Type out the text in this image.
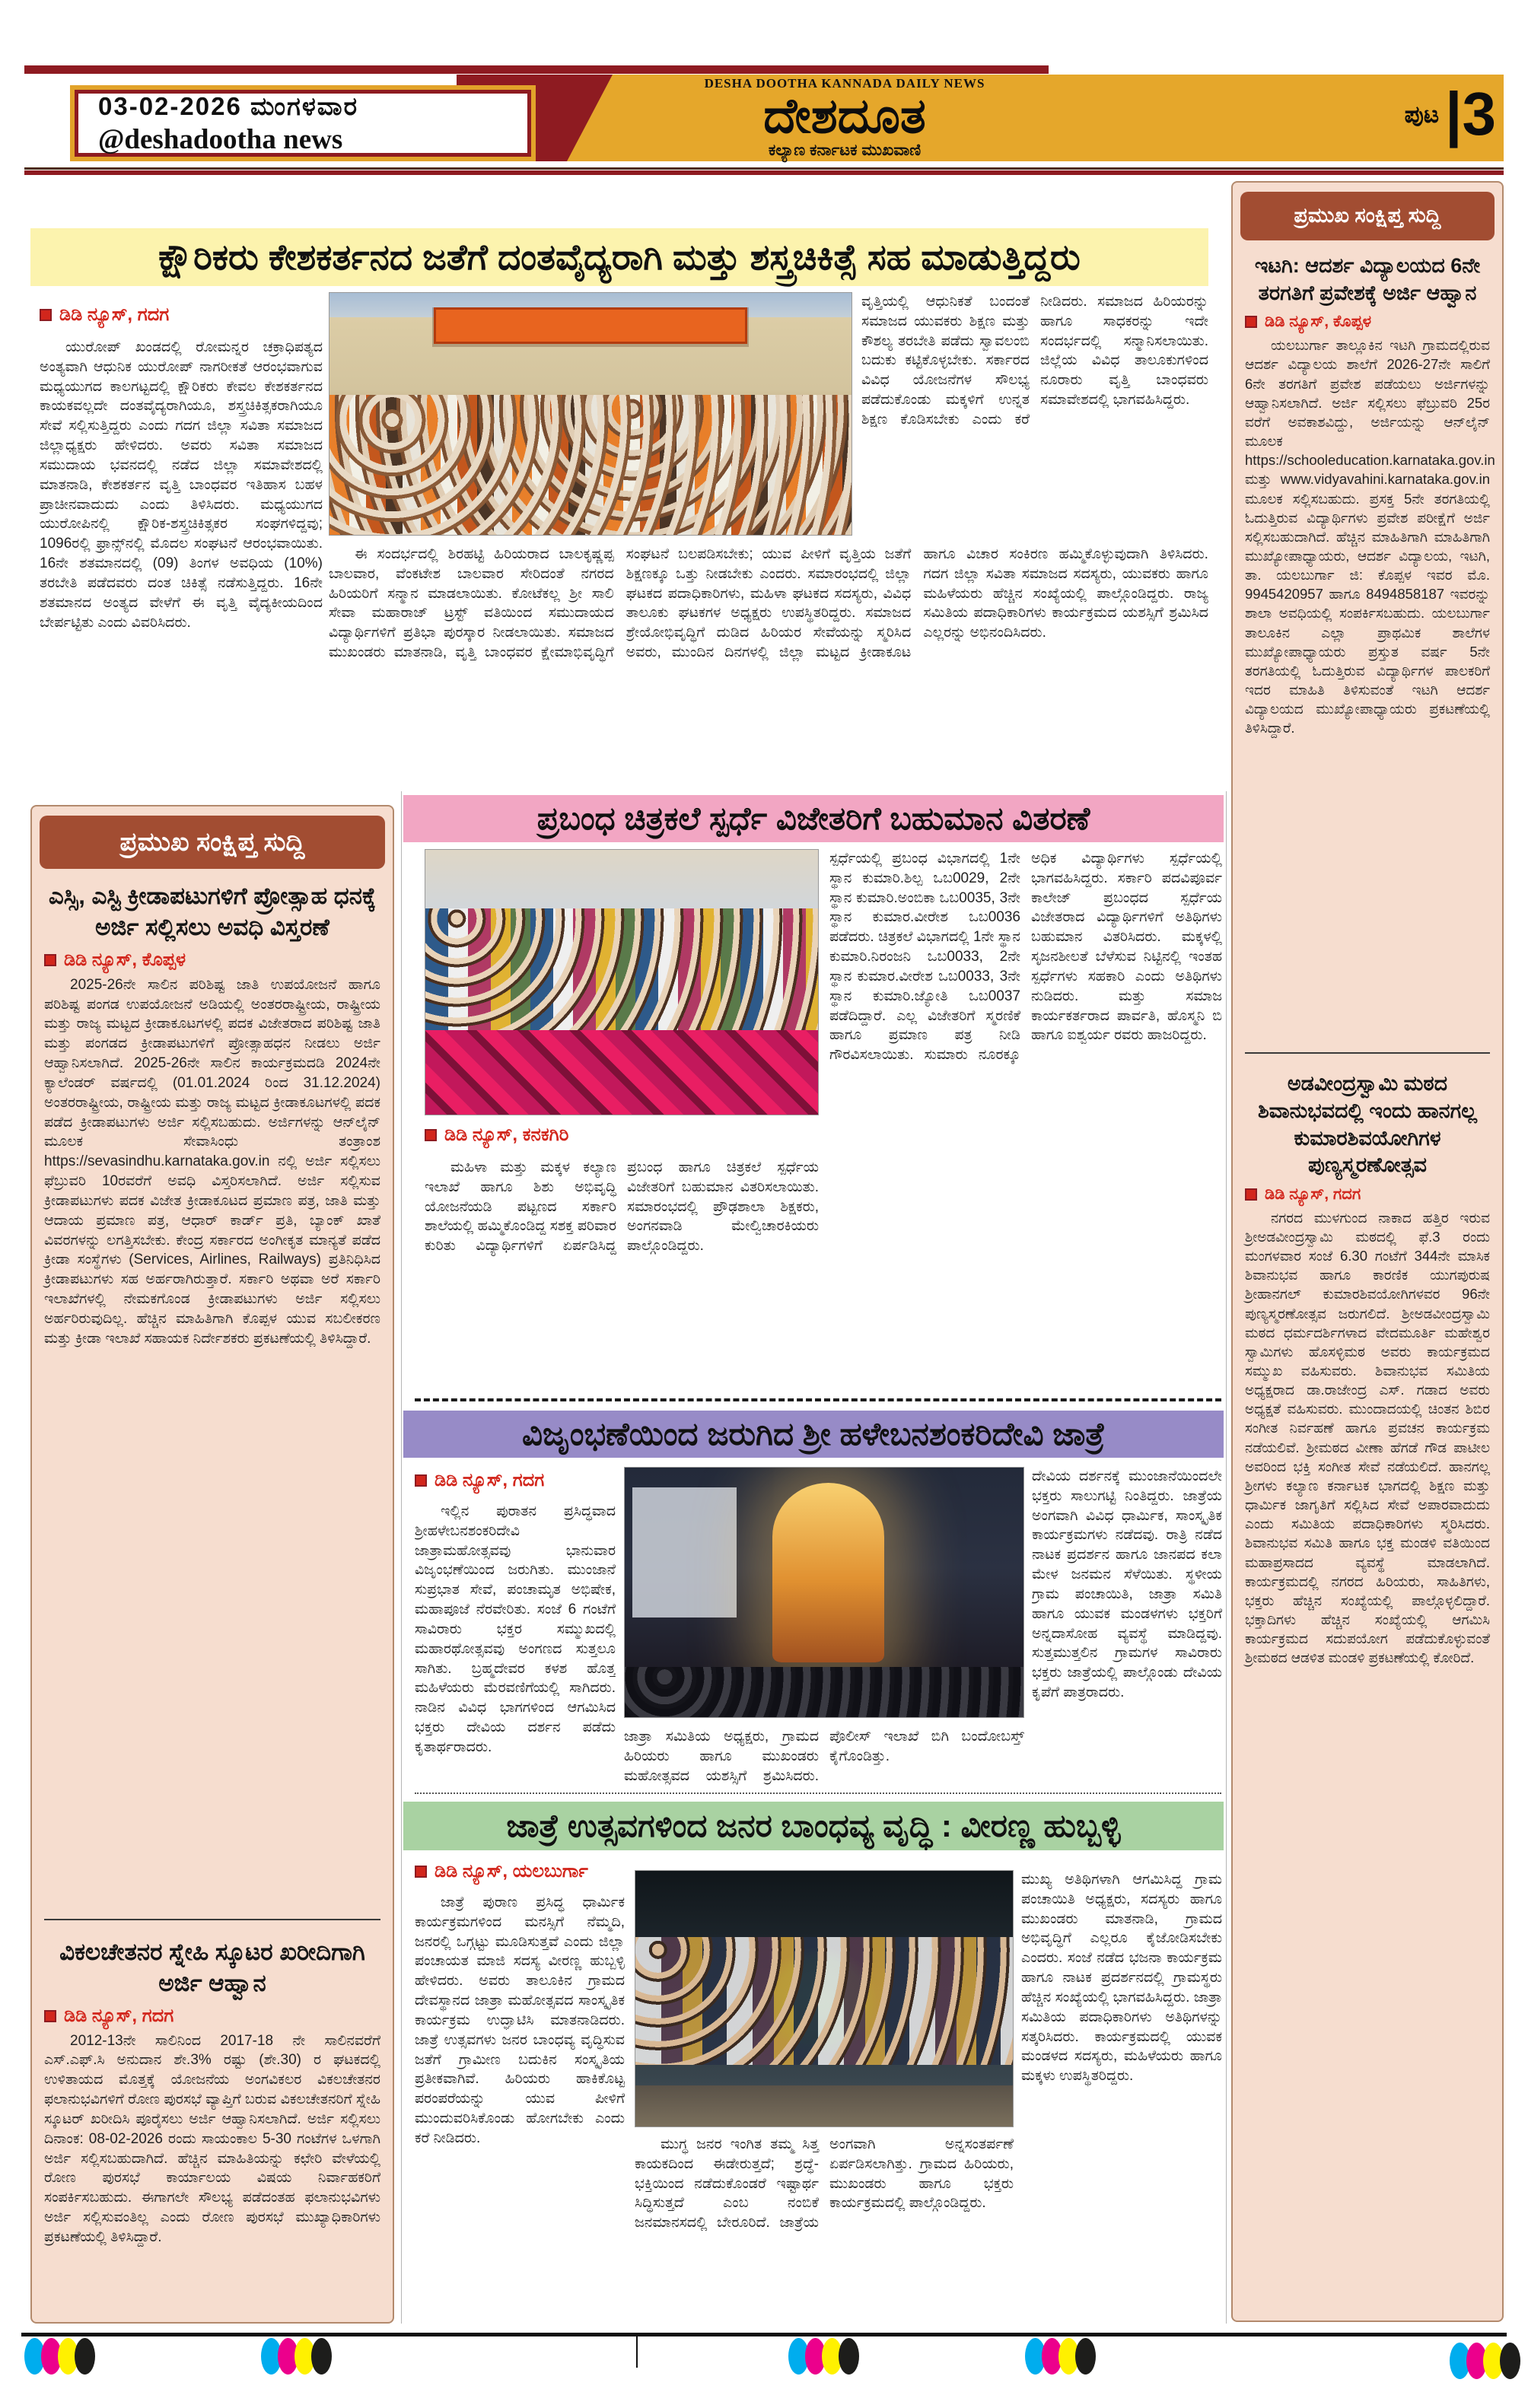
03-02-2026 ಮಂಗಳವಾರ
@deshadootha news
DESHA DOOTHA KANNADA DAILY NEWS
ದೇಶದೂತ
ಕಲ್ಯಾಣ ಕರ್ನಾಟಕ ಮುಖವಾಣಿ
ಪುಟ |3
ಕ್ಷೌರಿಕರು ಕೇಶಕರ್ತನದ ಜತೆಗೆ ದಂತವೈದ್ಯರಾಗಿ ಮತ್ತು ಶಸ್ತ್ರಚಿಕಿತ್ಸೆ ಸಹ ಮಾಡುತ್ತಿದ್ದರು
ಡಿಡಿ ನ್ಯೂಸ್, ಗದಗ
ಯುರೋಪ್ ಖಂಡದಲ್ಲಿ ರೋಮನ್ನರ ಚಕ್ರಾಧಿಪತ್ಯದ ಅಂತ್ಯವಾಗಿ ಆಧುನಿಕ ಯುರೋಪ್ ನಾಗರೀಕತೆ ಆರಂಭವಾಗುವ ಮಧ್ಯಯುಗದ ಕಾಲಗಟ್ಟದಲ್ಲಿ ಕ್ಷೌರಿಕರು ಕೇವಲ ಕೇಶಕರ್ತನದ ಕಾಯಕವಲ್ಲದೇ ದಂತವೈದ್ಯರಾಗಿಯೂ, ಶಸ್ತ್ರಚಿಕಿತ್ಸಕರಾಗಿಯೂ ಸೇವೆ ಸಲ್ಲಿಸುತ್ತಿದ್ದರು ಎಂದು ಗದಗ ಜಿಲ್ಲಾ ಸವಿತಾ ಸಮಾಜದ ಜಿಲ್ಲಾಧ್ಯಕ್ಷರು ಹೇಳಿದರು. ಅವರು ಸವಿತಾ ಸಮಾಜದ ಸಮುದಾಯ ಭವನದಲ್ಲಿ ನಡೆದ ಜಿಲ್ಲಾ ಸಮಾವೇಶದಲ್ಲಿ ಮಾತನಾಡಿ, ಕೇಶಕರ್ತನ ವೃತ್ತಿ ಬಾಂಧವರ ಇತಿಹಾಸ ಬಹಳ ಪ್ರಾಚೀನವಾದುದು ಎಂದು ತಿಳಿಸಿದರು. ಮಧ್ಯಯುಗದ ಯುರೋಪಿನಲ್ಲಿ ಕ್ಷೌರಿಕ-ಶಸ್ತ್ರಚಿಕಿತ್ಸಕರ ಸಂಘಗಳಿದ್ದವು; 1096ರಲ್ಲಿ ಫ್ರಾನ್ಸ್‌ನಲ್ಲಿ ಮೊದಲ ಸಂಘಟನೆ ಆರಂಭವಾಯಿತು. 16ನೇ ಶತಮಾನದಲ್ಲಿ (09) ತಿಂಗಳ ಅವಧಿಯ (10%) ತರಬೇತಿ ಪಡೆದವರು ದಂತ ಚಿಕಿತ್ಸೆ ನಡೆಸುತ್ತಿದ್ದರು. 16ನೇ ಶತಮಾನದ ಅಂತ್ಯದ ವೇಳೆಗೆ ಈ ವೃತ್ತಿ ವೈದ್ಯಕೀಯದಿಂದ ಬೇರ್ಪಟ್ಟಿತು ಎಂದು ವಿವರಿಸಿದರು.
ವೃತ್ತಿಯಲ್ಲಿ ಆಧುನಿಕತೆ ಬಂದಂತೆ ಸಮಾಜದ ಯುವಕರು ಶಿಕ್ಷಣ ಮತ್ತು ಕೌಶಲ್ಯ ತರಬೇತಿ ಪಡೆದು ಸ್ವಾವಲಂಬಿ ಬದುಕು ಕಟ್ಟಿಕೊಳ್ಳಬೇಕು. ಸರ್ಕಾರದ ವಿವಿಧ ಯೋಜನೆಗಳ ಸೌಲಭ್ಯ ಪಡೆದುಕೊಂಡು ಮಕ್ಕಳಿಗೆ ಉನ್ನತ ಶಿಕ್ಷಣ ಕೊಡಿಸಬೇಕು ಎಂದು ಕರೆ ನೀಡಿದರು. ಸಮಾಜದ ಹಿರಿಯರನ್ನು ಹಾಗೂ ಸಾಧಕರನ್ನು ಇದೇ ಸಂದರ್ಭದಲ್ಲಿ ಸನ್ಮಾನಿಸಲಾಯಿತು. ಜಿಲ್ಲೆಯ ವಿವಿಧ ತಾಲೂಕುಗಳಿಂದ ನೂರಾರು ವೃತ್ತಿ ಬಾಂಧವರು ಸಮಾವೇಶದಲ್ಲಿ ಭಾಗವಹಿಸಿದ್ದರು.
ಈ ಸಂದರ್ಭದಲ್ಲಿ ಶಿರಹಟ್ಟಿ ಹಿರಿಯರಾದ ಬಾಲಕೃಷ್ಣಪ್ಪ ಬಾಲವಾರ, ವೆಂಕಟೇಶ ಬಾಲವಾರ ಸೇರಿದಂತೆ ನಗರದ ಹಿರಿಯರಿಗೆ ಸನ್ಮಾನ ಮಾಡಲಾಯಿತು. ಕೋಟೆಕಲ್ಲ ಶ್ರೀ ಸಾಲಿ ಸೇವಾ ಮಹಾರಾಜ್ ಟ್ರಸ್ಟ್ ವತಿಯಿಂದ ಸಮುದಾಯದ ವಿದ್ಯಾರ್ಥಿಗಳಿಗೆ ಪ್ರತಿಭಾ ಪುರಸ್ಕಾರ ನೀಡಲಾಯಿತು. ಸಮಾಜದ ಮುಖಂಡರು ಮಾತನಾಡಿ, ವೃತ್ತಿ ಬಾಂಧವರ ಕ್ಷೇಮಾಭಿವೃದ್ಧಿಗೆ ಸಂಘಟನೆ ಬಲಪಡಿಸಬೇಕು; ಯುವ ಪೀಳಿಗೆ ವೃತ್ತಿಯ ಜತೆಗೆ ಶಿಕ್ಷಣಕ್ಕೂ ಒತ್ತು ನೀಡಬೇಕು ಎಂದರು. ಸಮಾರಂಭದಲ್ಲಿ ಜಿಲ್ಲಾ ಘಟಕದ ಪದಾಧಿಕಾರಿಗಳು, ಮಹಿಳಾ ಘಟಕದ ಸದಸ್ಯರು, ವಿವಿಧ ತಾಲೂಕು ಘಟಕಗಳ ಅಧ್ಯಕ್ಷರು ಉಪಸ್ಥಿತರಿದ್ದರು. ಸಮಾಜದ ಶ್ರೇಯೋಭಿವೃದ್ಧಿಗೆ ದುಡಿದ ಹಿರಿಯರ ಸೇವೆಯನ್ನು ಸ್ಮರಿಸಿದ ಅವರು, ಮುಂದಿನ ದಿನಗಳಲ್ಲಿ ಜಿಲ್ಲಾ ಮಟ್ಟದ ಕ್ರೀಡಾಕೂಟ ಹಾಗೂ ವಿಚಾರ ಸಂಕಿರಣ ಹಮ್ಮಿಕೊಳ್ಳುವುದಾಗಿ ತಿಳಿಸಿದರು. ಗದಗ ಜಿಲ್ಲಾ ಸವಿತಾ ಸಮಾಜದ ಸದಸ್ಯರು, ಯುವಕರು ಹಾಗೂ ಮಹಿಳೆಯರು ಹೆಚ್ಚಿನ ಸಂಖ್ಯೆಯಲ್ಲಿ ಪಾಲ್ಗೊಂಡಿದ್ದರು. ರಾಜ್ಯ ಸಮಿತಿಯ ಪದಾಧಿಕಾರಿಗಳು ಕಾರ್ಯಕ್ರಮದ ಯಶಸ್ಸಿಗೆ ಶ್ರಮಿಸಿದ ಎಲ್ಲರನ್ನು ಅಭಿನಂದಿಸಿದರು.
ಪ್ರಮುಖ ಸಂಕ್ಷಿಪ್ತ ಸುದ್ದಿ
ಎಸ್ಸಿ, ಎಸ್ಟಿ ಕ್ರೀಡಾಪಟುಗಳಿಗೆ ಪ್ರೋತ್ಸಾಹ ಧನಕ್ಕೆ ಅರ್ಜಿ ಸಲ್ಲಿಸಲು ಅವಧಿ ವಿಸ್ತರಣೆ
ಡಿಡಿ ನ್ಯೂಸ್, ಕೊಪ್ಪಳ
2025-26ನೇ ಸಾಲಿನ ಪರಿಶಿಷ್ಟ ಜಾತಿ ಉಪಯೋಜನೆ ಹಾಗೂ ಪರಿಶಿಷ್ಟ ಪಂಗಡ ಉಪಯೋಜನೆ ಅಡಿಯಲ್ಲಿ ಅಂತರರಾಷ್ಟ್ರೀಯ, ರಾಷ್ಟ್ರೀಯ ಮತ್ತು ರಾಜ್ಯ ಮಟ್ಟದ ಕ್ರೀಡಾಕೂಟಗಳಲ್ಲಿ ಪದಕ ವಿಜೇತರಾದ ಪರಿಶಿಷ್ಟ ಜಾತಿ ಮತ್ತು ಪಂಗಡದ ಕ್ರೀಡಾಪಟುಗಳಿಗೆ ಪ್ರೋತ್ಸಾಹಧನ ನೀಡಲು ಅರ್ಜಿ ಆಹ್ವಾನಿಸಲಾಗಿದೆ. 2025-26ನೇ ಸಾಲಿನ ಕಾರ್ಯಕ್ರಮದಡಿ 2024ನೇ ಕ್ಯಾಲೆಂಡರ್ ವರ್ಷದಲ್ಲಿ (01.01.2024 ರಿಂದ 31.12.2024) ಅಂತರರಾಷ್ಟ್ರೀಯ, ರಾಷ್ಟ್ರೀಯ ಮತ್ತು ರಾಜ್ಯ ಮಟ್ಟದ ಕ್ರೀಡಾಕೂಟಗಳಲ್ಲಿ ಪದಕ ಪಡೆದ ಕ್ರೀಡಾಪಟುಗಳು ಅರ್ಜಿ ಸಲ್ಲಿಸಬಹುದು. ಅರ್ಜಿಗಳನ್ನು ಆನ್‌ಲೈನ್ ಮೂಲಕ ಸೇವಾಸಿಂಧು ತಂತ್ರಾಂಶ https://sevasindhu.karnataka.gov.in ನಲ್ಲಿ ಅರ್ಜಿ ಸಲ್ಲಿಸಲು ಫೆಬ್ರುವರಿ 10ರವರೆಗೆ ಅವಧಿ ವಿಸ್ತರಿಸಲಾಗಿದೆ. ಅರ್ಜಿ ಸಲ್ಲಿಸುವ ಕ್ರೀಡಾಪಟುಗಳು ಪದಕ ವಿಜೇತ ಕ್ರೀಡಾಕೂಟದ ಪ್ರಮಾಣ ಪತ್ರ, ಜಾತಿ ಮತ್ತು ಆದಾಯ ಪ್ರಮಾಣ ಪತ್ರ, ಆಧಾರ್ ಕಾರ್ಡ್ ಪ್ರತಿ, ಬ್ಯಾಂಕ್ ಖಾತೆ ವಿವರಗಳನ್ನು ಲಗತ್ತಿಸಬೇಕು. ಕೇಂದ್ರ ಸರ್ಕಾರದ ಅಂಗೀಕೃತ ಮಾನ್ಯತೆ ಪಡೆದ ಕ್ರೀಡಾ ಸಂಸ್ಥೆಗಳು (Services, Airlines, Railways) ಪ್ರತಿನಿಧಿಸಿದ ಕ್ರೀಡಾಪಟುಗಳು ಸಹ ಅರ್ಹರಾಗಿರುತ್ತಾರೆ. ಸರ್ಕಾರಿ ಅಥವಾ ಅರೆ ಸರ್ಕಾರಿ ಇಲಾಖೆಗಳಲ್ಲಿ ನೇಮಕಗೊಂಡ ಕ್ರೀಡಾಪಟುಗಳು ಅರ್ಜಿ ಸಲ್ಲಿಸಲು ಅರ್ಹರಿರುವುದಿಲ್ಲ. ಹೆಚ್ಚಿನ ಮಾಹಿತಿಗಾಗಿ ಕೊಪ್ಪಳ ಯುವ ಸಬಲೀಕರಣ ಮತ್ತು ಕ್ರೀಡಾ ಇಲಾಖೆ ಸಹಾಯಕ ನಿರ್ದೇಶಕರು ಪ್ರಕಟಣೆಯಲ್ಲಿ ತಿಳಿಸಿದ್ದಾರೆ.
ವಿಕಲಚೇತನರ ಸ್ನೇಹಿ ಸ್ಕೂಟರ ಖರೀದಿಗಾಗಿ ಅರ್ಜಿ ಆಹ್ವಾನ
ಡಿಡಿ ನ್ಯೂಸ್, ಗದಗ
2012-13ನೇ ಸಾಲಿನಿಂದ 2017-18 ನೇ ಸಾಲಿನವರೆಗೆ ಎಸ್.ಎಫ್.ಸಿ ಅನುದಾನ ಶೇ.3% ರಷ್ಟು (ಶೇ.30) ರ ಘಟಕದಲ್ಲಿ ಉಳಿತಾಯದ ಮೊತ್ತಕ್ಕೆ ಯೋಜನೆಯ ಅಂಗವಿಕಲರ ವಿಕಲಚೇತನರ ಫಲಾನುಭವಿಗಳಿಗೆ ರೋಣ ಪುರಸಭೆ ವ್ಯಾಪ್ತಿಗೆ ಬರುವ ವಿಕಲಚೇತನರಿಗೆ ಸ್ನೇಹಿ ಸ್ಕೂಟರ್ ಖರೀದಿಸಿ ಪೂರೈಸಲು ಅರ್ಜಿ ಆಹ್ವಾನಿಸಲಾಗಿದೆ. ಅರ್ಜಿ ಸಲ್ಲಿಸಲು ದಿನಾಂಕ: 08-02-2026 ರಂದು ಸಾಯಂಕಾಲ 5-30 ಗಂಟೆಗಳ ಒಳಗಾಗಿ ಅರ್ಜಿ ಸಲ್ಲಿಸಬಹುದಾಗಿದೆ. ಹೆಚ್ಚಿನ ಮಾಹಿತಿಯನ್ನು ಕಛೇರಿ ವೇಳೆಯಲ್ಲಿ ರೋಣ ಪುರಸಭೆ ಕಾರ್ಯಾಲಯ ವಿಷಯ ನಿರ್ವಾಹಕರಿಗೆ ಸಂಪರ್ಕಿಸಬಹುದು. ಈಗಾಗಲೇ ಸೌಲಭ್ಯ ಪಡೆದಂತಹ ಫಲಾನುಭವಿಗಳು ಅರ್ಜಿ ಸಲ್ಲಿಸುವಂತಿಲ್ಲ ಎಂದು ರೋಣ ಪುರಸಭೆ ಮುಖ್ಯಾಧಿಕಾರಿಗಳು ಪ್ರಕಟಣೆಯಲ್ಲಿ ತಿಳಿಸಿದ್ದಾರೆ.
ಪ್ರಮುಖ ಸಂಕ್ಷಿಪ್ತ ಸುದ್ದಿ
ಇಟಗಿ: ಆದರ್ಶ ವಿದ್ಯಾಲಯದ 6ನೇ ತರಗತಿಗೆ ಪ್ರವೇಶಕ್ಕೆ ಅರ್ಜಿ ಆಹ್ವಾನ
ಡಿಡಿ ನ್ಯೂಸ್, ಕೊಪ್ಪಳ
ಯಲಬುರ್ಗಾ ತಾಲ್ಲೂಕಿನ ಇಟಗಿ ಗ್ರಾಮದಲ್ಲಿರುವ ಆದರ್ಶ ವಿದ್ಯಾಲಯ ಶಾಲೆಗೆ 2026-27ನೇ ಸಾಲಿಗೆ 6ನೇ ತರಗತಿಗೆ ಪ್ರವೇಶ ಪಡೆಯಲು ಅರ್ಜಿಗಳನ್ನು ಆಹ್ವಾನಿಸಲಾಗಿದೆ. ಅರ್ಜಿ ಸಲ್ಲಿಸಲು ಫೆಬ್ರುವರಿ 25ರ ವರೆಗೆ ಅವಕಾಶವಿದ್ದು, ಅರ್ಜಿಯನ್ನು ಆನ್‌ಲೈನ್ ಮೂಲಕ https://schooleducation.karnataka.gov.in ಮತ್ತು www.vidyavahini.karnataka.gov.in ಮೂಲಕ ಸಲ್ಲಿಸಬಹುದು. ಪ್ರಸಕ್ತ 5ನೇ ತರಗತಿಯಲ್ಲಿ ಓದುತ್ತಿರುವ ವಿದ್ಯಾರ್ಥಿಗಳು ಪ್ರವೇಶ ಪರೀಕ್ಷೆಗೆ ಅರ್ಜಿ ಸಲ್ಲಿಸಬಹುದಾಗಿದೆ. ಹೆಚ್ಚಿನ ಮಾಹಿತಿಗಾಗಿ ಮಾಹಿತಿಗಾಗಿ ಮುಖ್ಯೋಪಾಧ್ಯಾಯರು, ಆದರ್ಶ ವಿದ್ಯಾಲಯ, ಇಟಗಿ, ತಾ. ಯಲಬುರ್ಗಾ ಜಿ: ಕೊಪ್ಪಳ ಇವರ ಮೊ. 9945420957 ಹಾಗೂ 8494858187 ಇವರನ್ನು ಶಾಲಾ ಅವಧಿಯಲ್ಲಿ ಸಂಪರ್ಕಿಸಬಹುದು. ಯಲಬುರ್ಗಾ ತಾಲೂಕಿನ ಎಲ್ಲಾ ಪ್ರಾಥಮಿಕ ಶಾಲೆಗಳ ಮುಖ್ಯೋಪಾಧ್ಯಾಯರು ಪ್ರಸ್ತುತ ವರ್ಷ 5ನೇ ತರಗತಿಯಲ್ಲಿ ಓದುತ್ತಿರುವ ವಿದ್ಯಾರ್ಥಿಗಳ ಪಾಲಕರಿಗೆ ಇದರ ಮಾಹಿತಿ ತಿಳಿಸುವಂತೆ ಇಟಗಿ ಆದರ್ಶ ವಿದ್ಯಾಲಯದ ಮುಖ್ಯೋಪಾಧ್ಯಾಯರು ಪ್ರಕಟಣೆಯಲ್ಲಿ ತಿಳಿಸಿದ್ದಾರೆ.
ಅಡವೀಂದ್ರಸ್ವಾಮಿ ಮಠದ ಶಿವಾನುಭವದಲ್ಲಿ ಇಂದು ಹಾನಗಲ್ಲ ಕುಮಾರಶಿವಯೋಗಿಗಳ ಪುಣ್ಯಸ್ಮರಣೋತ್ಸವ
ಡಿಡಿ ನ್ಯೂಸ್, ಗದಗ
ನಗರದ ಮುಳಗುಂದ ನಾಕಾದ ಹತ್ತಿರ ಇರುವ ಶ್ರೀಅಡವೀಂದ್ರಸ್ವಾಮಿ ಮಠದಲ್ಲಿ ಫೆ.3 ರಂದು ಮಂಗಳವಾರ ಸಂಜೆ 6.30 ಗಂಟೆಗೆ 344ನೇ ಮಾಸಿಕ ಶಿವಾನುಭವ ಹಾಗೂ ಕಾರಣಿಕ ಯುಗಪುರುಷ ಶ್ರೀಹಾನಗಲ್ ಕುಮಾರಶಿವಯೋಗಿಗಳವರ 96ನೇ ಪುಣ್ಯಸ್ಮರಣೋತ್ಸವ ಜರುಗಲಿದೆ. ಶ್ರೀಅಡವೀಂದ್ರಸ್ವಾಮಿ ಮಠದ ಧರ್ಮದರ್ಶಿಗಳಾದ ವೇದಮೂರ್ತಿ ಮಹೇಶ್ವರ ಸ್ವಾಮಿಗಳು ಹೊಸಳ್ಳಿಮಠ ಅವರು ಕಾರ್ಯಕ್ರಮದ ಸಮ್ಮುಖ ವಹಿಸುವರು. ಶಿವಾನುಭವ ಸಮಿತಿಯ ಅಧ್ಯಕ್ಷರಾದ ಡಾ.ರಾಜೇಂದ್ರ ಎಸ್. ಗಡಾದ ಅವರು ಅಧ್ಯಕ್ಷತೆ ವಹಿಸುವರು. ಮುಂದಾದಯಲ್ಲಿ ಚಿಂತನ ಶಿಬಿರ ಸಂಗೀತ ನಿರ್ವಹಣೆ ಹಾಗೂ ಪ್ರವಚನ ಕಾರ್ಯಕ್ರಮ ನಡೆಯಲಿವೆ. ಶ್ರೀಮಠದ ವೀಣಾ ಹೆಗಡೆ ಗೌಡ ಪಾಟೀಲ ಅವರಿಂದ ಭಕ್ತಿ ಸಂಗೀತ ಸೇವೆ ನಡೆಯಲಿದೆ. ಹಾನಗಲ್ಲ ಶ್ರೀಗಳು ಕಲ್ಯಾಣ ಕರ್ನಾಟಕ ಭಾಗದಲ್ಲಿ ಶಿಕ್ಷಣ ಮತ್ತು ಧಾರ್ಮಿಕ ಜಾಗೃತಿಗೆ ಸಲ್ಲಿಸಿದ ಸೇವೆ ಅಪಾರವಾದುದು ಎಂದು ಸಮಿತಿಯ ಪದಾಧಿಕಾರಿಗಳು ಸ್ಮರಿಸಿದರು. ಶಿವಾನುಭವ ಸಮಿತಿ ಹಾಗೂ ಭಕ್ತ ಮಂಡಳಿ ವತಿಯಿಂದ ಮಹಾಪ್ರಸಾದದ ವ್ಯವಸ್ಥೆ ಮಾಡಲಾಗಿದೆ. ಕಾರ್ಯಕ್ರಮದಲ್ಲಿ ನಗರದ ಹಿರಿಯರು, ಸಾಹಿತಿಗಳು, ಭಕ್ತರು ಹೆಚ್ಚಿನ ಸಂಖ್ಯೆಯಲ್ಲಿ ಪಾಲ್ಗೊಳ್ಳಲಿದ್ದಾರೆ. ಭಕ್ತಾದಿಗಳು ಹೆಚ್ಚಿನ ಸಂಖ್ಯೆಯಲ್ಲಿ ಆಗಮಿಸಿ ಕಾರ್ಯಕ್ರಮದ ಸದುಪಯೋಗ ಪಡೆದುಕೊಳ್ಳುವಂತೆ ಶ್ರೀಮಠದ ಆಡಳಿತ ಮಂಡಳಿ ಪ್ರಕಟಣೆಯಲ್ಲಿ ಕೋರಿದೆ.
ಪ್ರಬಂಧ ಚಿತ್ರಕಲೆ ಸ್ಪರ್ಧೆ ವಿಜೇತರಿಗೆ ಬಹುಮಾನ ವಿತರಣೆ
ಡಿಡಿ ನ್ಯೂಸ್, ಕನಕಗಿರಿ
ಸ್ಪರ್ಧೆಯಲ್ಲಿ ಪ್ರಬಂಧ ವಿಭಾಗದಲ್ಲಿ 1ನೇ ಸ್ಥಾನ ಕುಮಾರಿ.ಶಿಲ್ಪ ಒಬ0029, 2ನೇ ಸ್ಥಾನ ಕುಮಾರಿ.ಅಂಬಿಕಾ ಒಬ0035, 3ನೇ ಸ್ಥಾನ ಕುಮಾರ.ವೀರೇಶ ಒಬ0036 ಪಡೆದರು. ಚಿತ್ರಕಲೆ ವಿಭಾಗದಲ್ಲಿ 1ನೇ ಸ್ಥಾನ ಕುಮಾರಿ.ನಿರಂಜನಿ ಒಬ0033, 2ನೇ ಸ್ಥಾನ ಕುಮಾರ.ವೀರೇಶ ಒಬ0033, 3ನೇ ಸ್ಥಾನ ಕುಮಾರಿ.ಜ್ಯೋತಿ ಒಬ0037 ಪಡೆದಿದ್ದಾರೆ. ಎಲ್ಲ ವಿಜೇತರಿಗೆ ಸ್ಮರಣಿಕೆ ಹಾಗೂ ಪ್ರಮಾಣ ಪತ್ರ ನೀಡಿ ಗೌರವಿಸಲಾಯಿತು. ಸುಮಾರು ನೂರಕ್ಕೂ ಅಧಿಕ ವಿದ್ಯಾರ್ಥಿಗಳು ಸ್ಪರ್ಧೆಯಲ್ಲಿ ಭಾಗವಹಿಸಿದ್ದರು. ಸರ್ಕಾರಿ ಪದವಿಪೂರ್ವ ಕಾಲೇಜ್ ಪ್ರಬಂಧದ ಸ್ಪರ್ಧೆಯ ವಿಜೇತರಾದ ವಿದ್ಯಾರ್ಥಿಗಳಿಗೆ ಅತಿಥಿಗಳು ಬಹುಮಾನ ವಿತರಿಸಿದರು. ಮಕ್ಕಳಲ್ಲಿ ಸೃಜನಶೀಲತೆ ಬೆಳೆಸುವ ನಿಟ್ಟಿನಲ್ಲಿ ಇಂತಹ ಸ್ಪರ್ಧೆಗಳು ಸಹಕಾರಿ ಎಂದು ಅತಿಥಿಗಳು ನುಡಿದರು. ಮತ್ತು ಸಮಾಜ ಕಾರ್ಯಕರ್ತರಾದ ಪಾರ್ವತಿ, ಹೊಸ್ಮನಿ ಬಿ ಹಾಗೂ ಐಶ್ವರ್ಯ ರವರು ಹಾಜರಿದ್ದರು.
ಮಹಿಳಾ ಮತ್ತು ಮಕ್ಕಳ ಕಲ್ಯಾಣ ಇಲಾಖೆ ಹಾಗೂ ಶಿಶು ಅಭಿವೃದ್ಧಿ ಯೋಜನೆಯಡಿ ಪಟ್ಟಣದ ಸರ್ಕಾರಿ ಶಾಲೆಯಲ್ಲಿ ಹಮ್ಮಿಕೊಂಡಿದ್ದ ಸಶಕ್ತ ಪರಿವಾರ ಕುರಿತು ವಿದ್ಯಾರ್ಥಿಗಳಿಗೆ ಏರ್ಪಡಿಸಿದ್ದ ಪ್ರಬಂಧ ಹಾಗೂ ಚಿತ್ರಕಲೆ ಸ್ಪರ್ಧೆಯ ವಿಜೇತರಿಗೆ ಬಹುಮಾನ ವಿತರಿಸಲಾಯಿತು. ಸಮಾರಂಭದಲ್ಲಿ ಪ್ರೌಢಶಾಲಾ ಶಿಕ್ಷಕರು, ಅಂಗನವಾಡಿ ಮೇಲ್ವಿಚಾರಕಿಯರು ಪಾಲ್ಗೊಂಡಿದ್ದರು.
ವಿಜೃಂಭಣೆಯಿಂದ ಜರುಗಿದ ಶ್ರೀ ಹಳೇಬನಶಂಕರಿದೇವಿ ಜಾತ್ರೆ
ಡಿಡಿ ನ್ಯೂಸ್, ಗದಗ
ಇಲ್ಲಿನ ಪುರಾತನ ಪ್ರಸಿದ್ಧವಾದ ಶ್ರೀಹಳೇಬನಶಂಕರಿದೇವಿ ಜಾತ್ರಾಮಹೋತ್ಸವವು ಭಾನುವಾರ ವಿಜೃಂಭಣೆಯಿಂದ ಜರುಗಿತು. ಮುಂಜಾನೆ ಸುಪ್ರಭಾತ ಸೇವೆ, ಪಂಚಾಮೃತ ಅಭಿಷೇಕ, ಮಹಾಪೂಜೆ ನೆರವೇರಿತು. ಸಂಜೆ 6 ಗಂಟೆಗೆ ಸಾವಿರಾರು ಭಕ್ತರ ಸಮ್ಮುಖದಲ್ಲಿ ಮಹಾರಥೋತ್ಸವವು ಅಂಗಣದ ಸುತ್ತಲೂ ಸಾಗಿತು. ಬ್ರಹ್ಮದೇವರ ಕಳಶ ಹೊತ್ತ ಮಹಿಳೆಯರು ಮೆರವಣಿಗೆಯಲ್ಲಿ ಸಾಗಿದರು. ನಾಡಿನ ವಿವಿಧ ಭಾಗಗಳಿಂದ ಆಗಮಿಸಿದ ಭಕ್ತರು ದೇವಿಯ ದರ್ಶನ ಪಡೆದು ಕೃತಾರ್ಥರಾದರು.
ದೇವಿಯ ದರ್ಶನಕ್ಕೆ ಮುಂಜಾನೆಯಿಂದಲೇ ಭಕ್ತರು ಸಾಲುಗಟ್ಟಿ ನಿಂತಿದ್ದರು. ಜಾತ್ರೆಯ ಅಂಗವಾಗಿ ವಿವಿಧ ಧಾರ್ಮಿಕ, ಸಾಂಸ್ಕೃತಿಕ ಕಾರ್ಯಕ್ರಮಗಳು ನಡೆದವು. ರಾತ್ರಿ ನಡೆದ ನಾಟಕ ಪ್ರದರ್ಶನ ಹಾಗೂ ಜಾನಪದ ಕಲಾ ಮೇಳ ಜನಮನ ಸೆಳೆಯಿತು. ಸ್ಥಳೀಯ ಗ್ರಾಮ ಪಂಚಾಯಿತಿ, ಜಾತ್ರಾ ಸಮಿತಿ ಹಾಗೂ ಯುವಕ ಮಂಡಳಗಳು ಭಕ್ತರಿಗೆ ಅನ್ನದಾಸೋಹ ವ್ಯವಸ್ಥೆ ಮಾಡಿದ್ದವು. ಸುತ್ತಮುತ್ತಲಿನ ಗ್ರಾಮಗಳ ಸಾವಿರಾರು ಭಕ್ತರು ಜಾತ್ರೆಯಲ್ಲಿ ಪಾಲ್ಗೊಂಡು ದೇವಿಯ ಕೃಪೆಗೆ ಪಾತ್ರರಾದರು.
ಜಾತ್ರಾ ಸಮಿತಿಯ ಅಧ್ಯಕ್ಷರು, ಗ್ರಾಮದ ಹಿರಿಯರು ಹಾಗೂ ಮುಖಂಡರು ಮಹೋತ್ಸವದ ಯಶಸ್ಸಿಗೆ ಶ್ರಮಿಸಿದರು. ಪೊಲೀಸ್ ಇಲಾಖೆ ಬಿಗಿ ಬಂದೋಬಸ್ತ್ ಕೈಗೊಂಡಿತ್ತು.
ಜಾತ್ರೆ ಉತ್ಸವಗಳಿಂದ ಜನರ ಬಾಂಧವ್ಯ ವೃದ್ಧಿ : ವೀರಣ್ಣ ಹುಬ್ಬಳ್ಳಿ
ಡಿಡಿ ನ್ಯೂಸ್, ಯಲಬುರ್ಗಾ
ಜಾತ್ರೆ ಪುರಾಣ ಪ್ರಸಿದ್ಧ ಧಾರ್ಮಿಕ ಕಾರ್ಯಕ್ರಮಗಳಿಂದ ಮನಸ್ಸಿಗೆ ನೆಮ್ಮದಿ, ಜನರಲ್ಲಿ ಒಗ್ಗಟ್ಟು ಮೂಡಿಸುತ್ತವೆ ಎಂದು ಜಿಲ್ಲಾ ಪಂಚಾಯತ ಮಾಜಿ ಸದಸ್ಯ ವೀರಣ್ಣ ಹುಬ್ಬಳ್ಳಿ ಹೇಳಿದರು. ಅವರು ತಾಲೂಕಿನ ಗ್ರಾಮದ ದೇವಸ್ಥಾನದ ಜಾತ್ರಾ ಮಹೋತ್ಸವದ ಸಾಂಸ್ಕೃತಿಕ ಕಾರ್ಯಕ್ರಮ ಉದ್ಘಾಟಿಸಿ ಮಾತನಾಡಿದರು. ಜಾತ್ರೆ ಉತ್ಸವಗಳು ಜನರ ಬಾಂಧವ್ಯ ವೃದ್ಧಿಸುವ ಜತೆಗೆ ಗ್ರಾಮೀಣ ಬದುಕಿನ ಸಂಸ್ಕೃತಿಯ ಪ್ರತೀಕವಾಗಿವೆ. ಹಿರಿಯರು ಹಾಕಿಕೊಟ್ಟ ಪರಂಪರೆಯನ್ನು ಯುವ ಪೀಳಿಗೆ ಮುಂದುವರಿಸಿಕೊಂಡು ಹೋಗಬೇಕು ಎಂದು ಕರೆ ನೀಡಿದರು.
ಮುಖ್ಯ ಅತಿಥಿಗಳಾಗಿ ಆಗಮಿಸಿದ್ದ ಗ್ರಾಮ ಪಂಚಾಯಿತಿ ಅಧ್ಯಕ್ಷರು, ಸದಸ್ಯರು ಹಾಗೂ ಮುಖಂಡರು ಮಾತನಾಡಿ, ಗ್ರಾಮದ ಅಭಿವೃದ್ಧಿಗೆ ಎಲ್ಲರೂ ಕೈಜೋಡಿಸಬೇಕು ಎಂದರು. ಸಂಜೆ ನಡೆದ ಭಜನಾ ಕಾರ್ಯಕ್ರಮ ಹಾಗೂ ನಾಟಕ ಪ್ರದರ್ಶನದಲ್ಲಿ ಗ್ರಾಮಸ್ಥರು ಹೆಚ್ಚಿನ ಸಂಖ್ಯೆಯಲ್ಲಿ ಭಾಗವಹಿಸಿದ್ದರು. ಜಾತ್ರಾ ಸಮಿತಿಯ ಪದಾಧಿಕಾರಿಗಳು ಅತಿಥಿಗಳನ್ನು ಸತ್ಕರಿಸಿದರು. ಕಾರ್ಯಕ್ರಮದಲ್ಲಿ ಯುವಕ ಮಂಡಳದ ಸದಸ್ಯರು, ಮಹಿಳೆಯರು ಹಾಗೂ ಮಕ್ಕಳು ಉಪಸ್ಥಿತರಿದ್ದರು.
ಮುಗ್ಧ ಜನರ ಇಂಗಿತ ತಮ್ಮ ಸಿತ್ತ ಕಾಯಕದಿಂದ ಈಡೇರುತ್ತದೆ; ಶ್ರದ್ಧೆ-ಭಕ್ತಿಯಿಂದ ನಡೆದುಕೊಂಡರೆ ಇಷ್ಟಾರ್ಥ ಸಿದ್ಧಿಸುತ್ತದೆ ಎಂಬ ನಂಬಿಕೆ ಜನಮಾನಸದಲ್ಲಿ ಬೇರೂರಿದೆ. ಜಾತ್ರೆಯ ಅಂಗವಾಗಿ ಅನ್ನಸಂತರ್ಪಣೆ ಏರ್ಪಡಿಸಲಾಗಿತ್ತು. ಗ್ರಾಮದ ಹಿರಿಯರು, ಮುಖಂಡರು ಹಾಗೂ ಭಕ್ತರು ಕಾರ್ಯಕ್ರಮದಲ್ಲಿ ಪಾಲ್ಗೊಂಡಿದ್ದರು.
